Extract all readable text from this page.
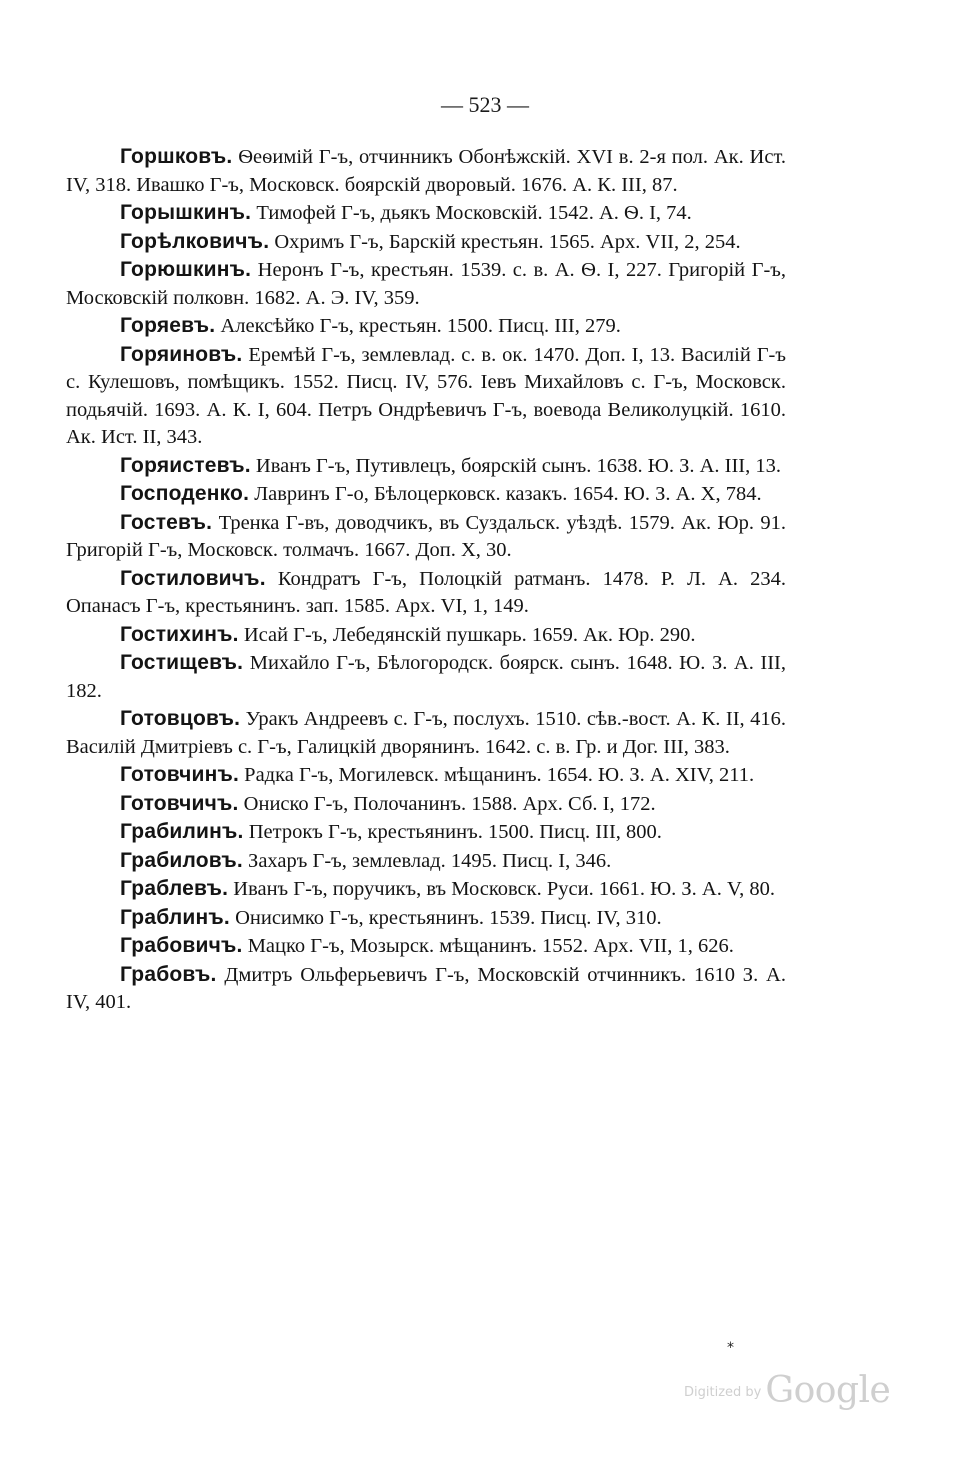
— 523 —

Горшковъ. Ѳеѳимій Г-ъ, отчинникъ Обонѣжскій. XVI в. 2-я пол. Ак. Ист. IV, 318. Ивашко Г-ъ, Московск. боярскій дворовый. 1676. А. К. III, 87.

Горышкинъ. Тимофей Г-ъ, дьякъ Московскій. 1542. А. Ѳ. I, 74.

Горѣлковичъ. Охримъ Г-ъ, Барскій крестьян. 1565. Арх. VII, 2, 254.

Горюшкинъ. Неронъ Г-ъ, крестьян. 1539. с. в. А. Ѳ. I, 227. Григорій Г-ъ, Московскій полковн. 1682. А. Э. IV, 359.

Горяевъ. Алексѣйко Г-ъ, крестьян. 1500. Писц. III, 279.

Горяиновъ. Еремѣй Г-ъ, землевлад. с. в. ок. 1470. Доп. I, 13. Василій Г-ъ с. Кулешовъ, помѣщикъ. 1552. Писц. IV, 576. Іевъ Михайловъ с. Г-ъ, Московск. подьячій. 1693. А. К. I, 604. Петръ Ондрѣевичъ Г-ъ, воевода Великолуцкій. 1610. Ак. Ист. II, 343.

Горяистевъ. Иванъ Г-ъ, Путивлецъ, боярскій сынъ. 1638. Ю. З. А. III, 13.

Господенко. Лавринъ Г-о, Бѣлоцерковск. казакъ. 1654. Ю. З. А. X, 784.

Гостевъ. Тренка Г-въ, доводчикъ, въ Суздальск. уѣздѣ. 1579. Ак. Юр. 91. Григорій Г-ъ, Московск. толмачъ. 1667. Доп. X, 30.

Гостиловичъ. Кондратъ Г-ъ, Полоцкій ратманъ. 1478. Р. Л. А. 234. Опанасъ Г-ъ, крестьянинъ. зап. 1585. Арх. VI, 1, 149.

Гостихинъ. Исай Г-ъ, Лебедянскій пушкарь. 1659. Ак. Юр. 290.

Гостищевъ. Михайло Г-ъ, Бѣлогородск. боярск. сынъ. 1648. Ю. З. А. III, 182.

Готовцовъ. Уракъ Андреевъ с. Г-ъ, послухъ. 1510. сѣв.-вост. А. К. II, 416. Василій Дмитріевъ с. Г-ъ, Галицкій дворянинъ. 1642. с. в. Гр. и Дог. III, 383.

Готовчинъ. Радка Г-ъ, Могилевск. мѣщанинъ. 1654. Ю. З. А. XIV, 211.

Готовчичъ. Ониско Г-ъ, Полочанинъ. 1588. Арх. Сб. I, 172.

Грабилинъ. Петрокъ Г-ъ, крестьянинъ. 1500. Писц. III, 800.

Грабиловъ. Захаръ Г-ъ, землевлад. 1495. Писц. I, 346.

Граблевъ. Иванъ Г-ъ, поручикъ, въ Московск. Руси. 1661. Ю. З. А. V, 80.

Граблинъ. Онисимко Г-ъ, крестьянинъ. 1539. Писц. IV, 310.

Грабовичъ. Мацко Г-ъ, Мозырск. мѣщанинъ. 1552. Арх. VII, 1, 626.

Грабовъ. Дмитръ Ольферьевичъ Г-ъ, Московскій отчинникъ. 1610 З. А. IV, 401.

*
$^{Digitized by}$ Google
